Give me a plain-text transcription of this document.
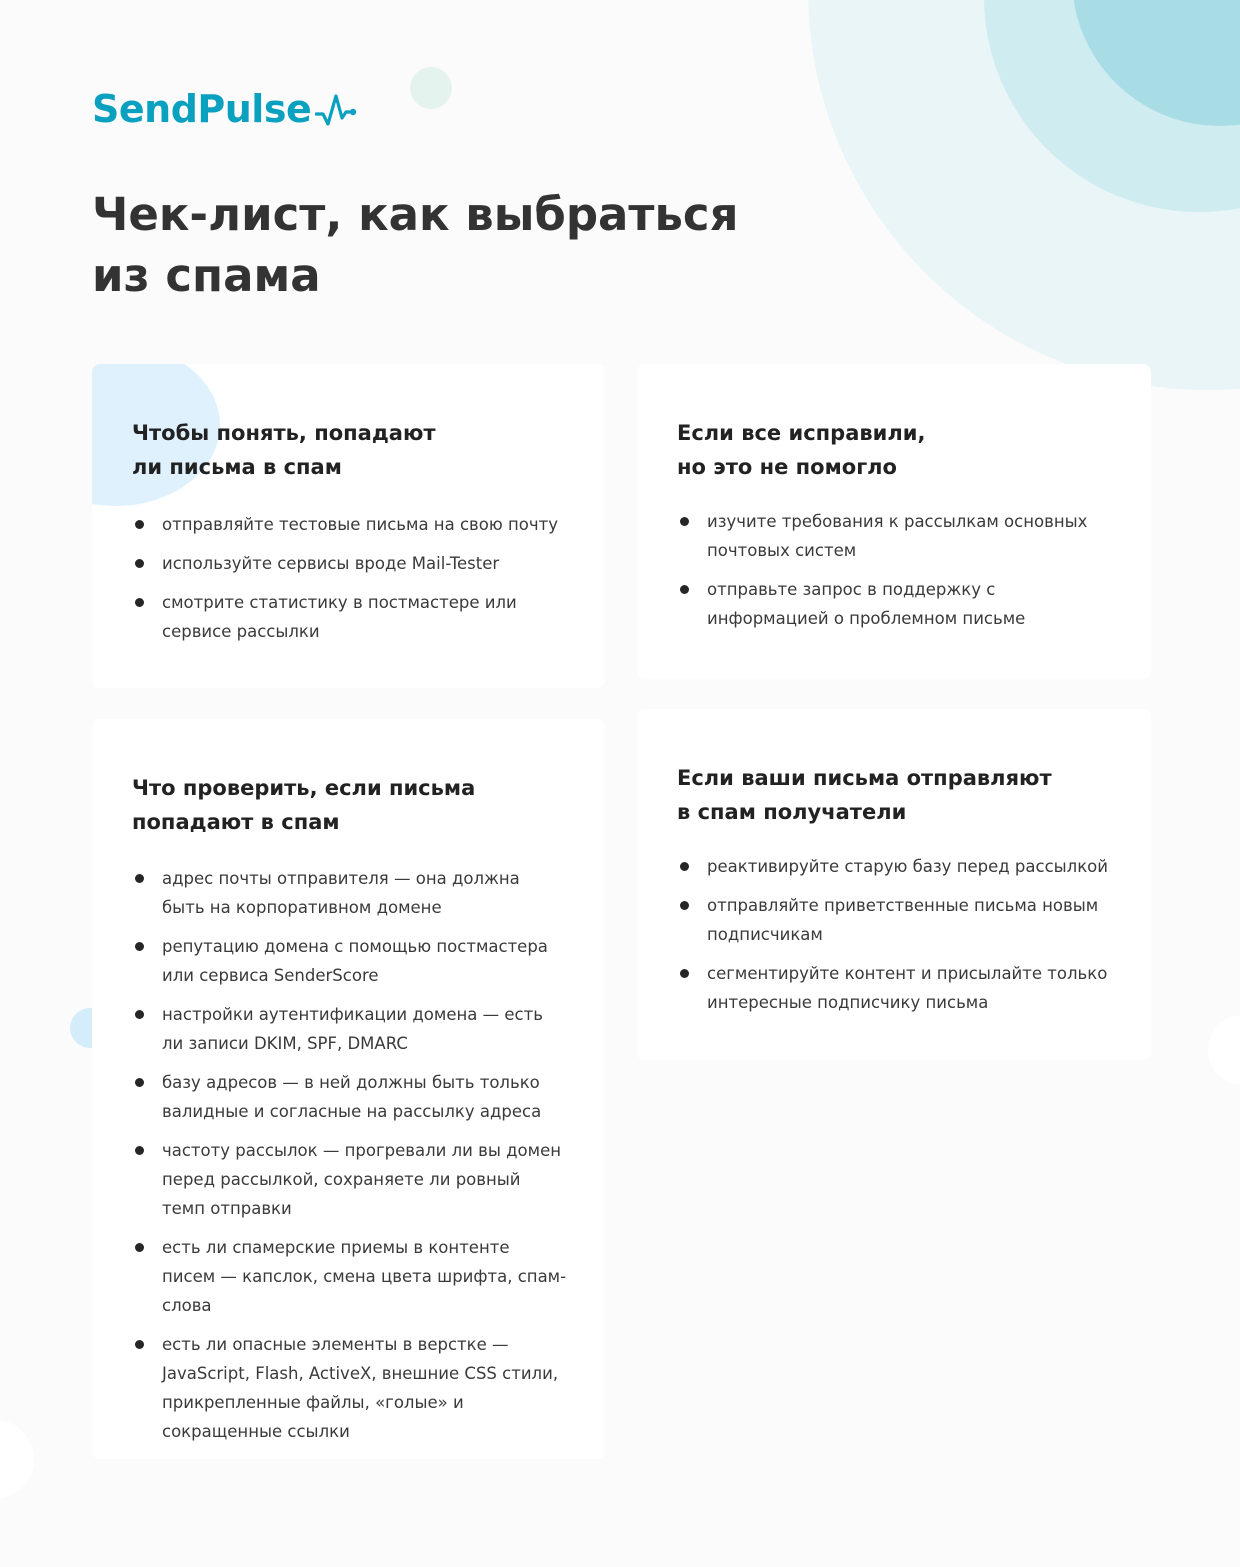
SendPulse
Чек-лист, как выбраться из спама
Чтобы понять, попадают
ли письма в спам
отправляйте тестовые письма на свою почту
используйте сервисы вроде Mail-Tester
смотрите статистику в постмастере или сервисе рассылки
Если все исправили,
но это не помогло
изучите требования к рассылкам основных почтовых систем
отправьте запрос в поддержку с информацией о проблемном письме
Что проверить, если письма
попадают в спам
адрес почты отправителя — она должна быть на корпоративном домене
репутацию домена с помощью постмастера или сервиса SenderScore
настройки аутентификации домена — есть ли записи DKIM, SPF, DMARC
базу адресов — в ней должны быть только валидные и согласные на рассылку адреса
частоту рассылок — прогревали ли вы домен перед рассылкой, сохраняете ли ровный темп отправки
есть ли спамерские приемы в контенте писем — капслок, смена цвета шрифта, спам-слова
есть ли опасные элементы в верстке — JavaScript, Flash, ActiveX, внешние CSS стили, прикрепленные файлы, «голые» и сокращенные ссылки
Если ваши письма отправляют
в спам получатели
реактивируйте старую базу перед рассылкой
отправляйте приветственные письма новым подписчикам
сегментируйте контент и присылайте только интересные подписчику письма
